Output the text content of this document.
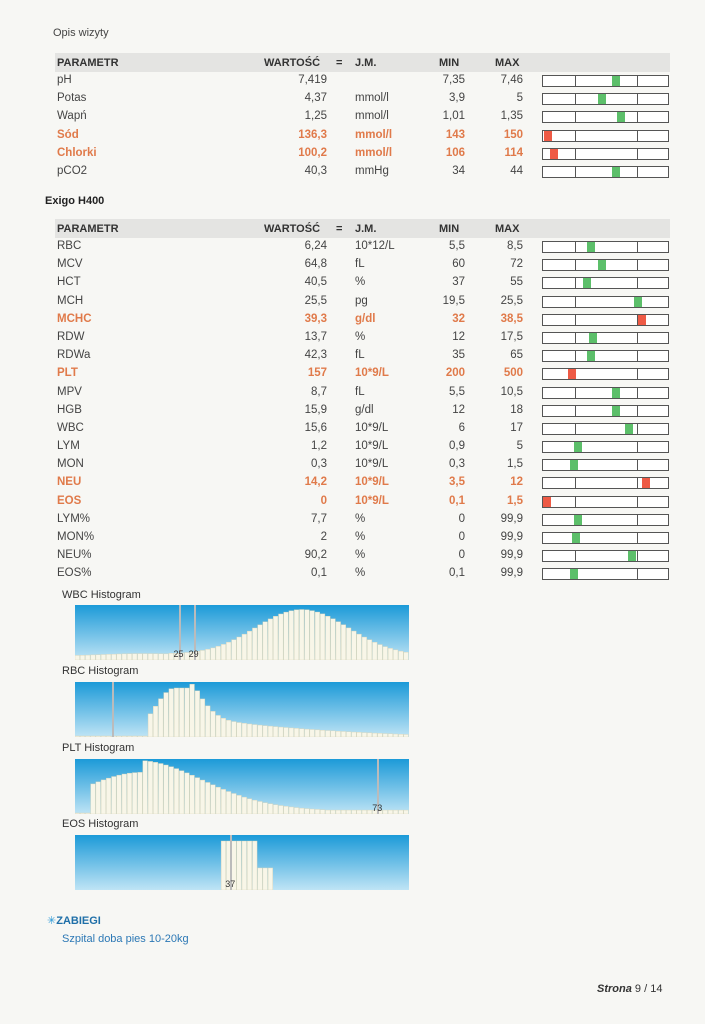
Opis wizyty
PARAMETR	WARTOŚĆ = J.M.	MIN	MAX
pH	7,419	7,35	7,46
Potas	4,37 mmol/l	3,9	5
Wapń	1,25 mmol/l	1,01	1,35
Sód	136,3 mmol/l	143	150
Chlorki	100,2 mmol/l	106	114
pCO2	40,3 mmHg	34	44
Exigo H400
PARAMETR	WARTOŚĆ = J.M.	MIN	MAX
RBC	6,24 10*12/L	5,5	8,5
MCV	64,8 fL	60	72
HCT	40,5 %	37	55
MCH	25,5 pg	19,5	25,5
MCHC	39,3 g/dl	32	38,5
RDW	13,7 %	12	17,5
RDWa	42,3 fL	35	65
PLT	157 10*9/L	200	500
MPV	8,7 fL	5,5	10,5
HGB	15,9 g/dl	12	18
WBC	15,6 10*9/L	6	17
LYM	1,2 10*9/L	0,9	5
MON	0,3 10*9/L	0,3	1,5
NEU	14,2 10*9/L	3,5	12
EOS	0 10*9/L	0,1	1,5
LYM%	7,7 %	0	99,9
MON%	2 %	0	99,9
NEU%	90,2 %	0	99,9
EOS%	0,1 %	0,1	99,9
WBC Histogram
25 29
RBC Histogram
PLT Histogram
73
EOS Histogram
37
✳ZABIEGI
Szpital doba pies 10-20kg
Strona 9 / 14
